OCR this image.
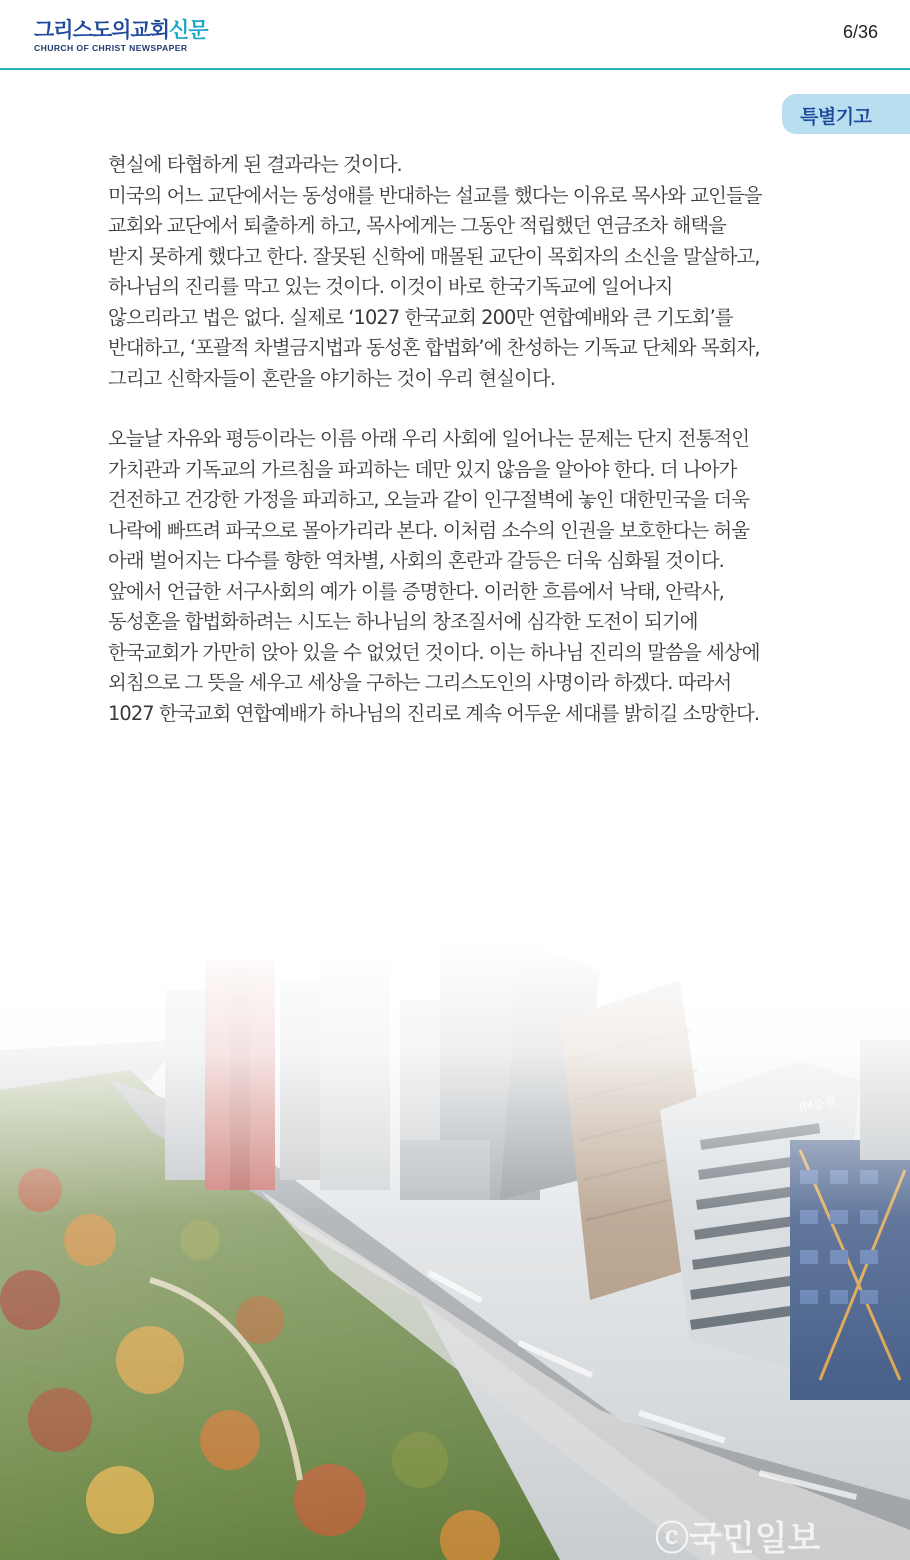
그리스도의교회신문
CHURCH OF CHRIST NEWSPAPER
6/36
특별기고

현실에 타협하게 된 결과라는 것이다.

미국의 어느 교단에서는 동성애를 반대하는 설교를 했다는 이유로 목사와 교인들을

교회와 교단에서 퇴출하게 하고, 목사에게는 그동안 적립했던 연금조차 해택을

받지 못하게 했다고 한다. 잘못된 신학에 매몰된 교단이 목회자의 소신을 말살하고,

하나님의 진리를 막고 있는 것이다. 이것이 바로 한국기독교에 일어나지

않으리라고 법은 없다. 실제로 ‘1027 한국교회 200만 연합예배와 큰 기도회’를

반대하고, ‘포괄적 차별금지법과 동성혼 합법화’에 찬성하는 기독교 단체와 목회자,

그리고 신학자들이 혼란을 야기하는 것이 우리 현실이다.

오늘날 자유와 평등이라는 이름 아래 우리 사회에 일어나는 문제는 단지 전통적인

가치관과 기독교의 가르침을 파괴하는 데만 있지 않음을 알아야 한다. 더 나아가

건전하고 건강한 가정을 파괴하고, 오늘과 같이 인구절벽에 놓인 대한민국을 더욱

나락에 빠뜨려 파국으로 몰아가리라 본다. 이처럼 소수의 인권을 보호한다는 허울

아래 벌어지는 다수를 향한 역차별, 사회의 혼란과 갈등은 더욱 심화될 것이다.

앞에서 언급한 서구사회의 예가 이를 증명한다. 이러한 흐름에서 낙태, 안락사,

동성혼을 합법화하려는 시도는 하나님의 창조질서에 심각한 도전이 되기에

한국교회가 가만히 앉아 있을 수 없었던 것이다. 이는 하나님 진리의 말씀을 세상에

외침으로 그 뜻을 세우고 세상을 구하는 그리스도인의 사명이라 하겠다. 따라서

1027 한국교회 연합예배가 하나님의 진리로 계속 어두운 세대를 밝히길 소망한다.

ⓒ국민일보
